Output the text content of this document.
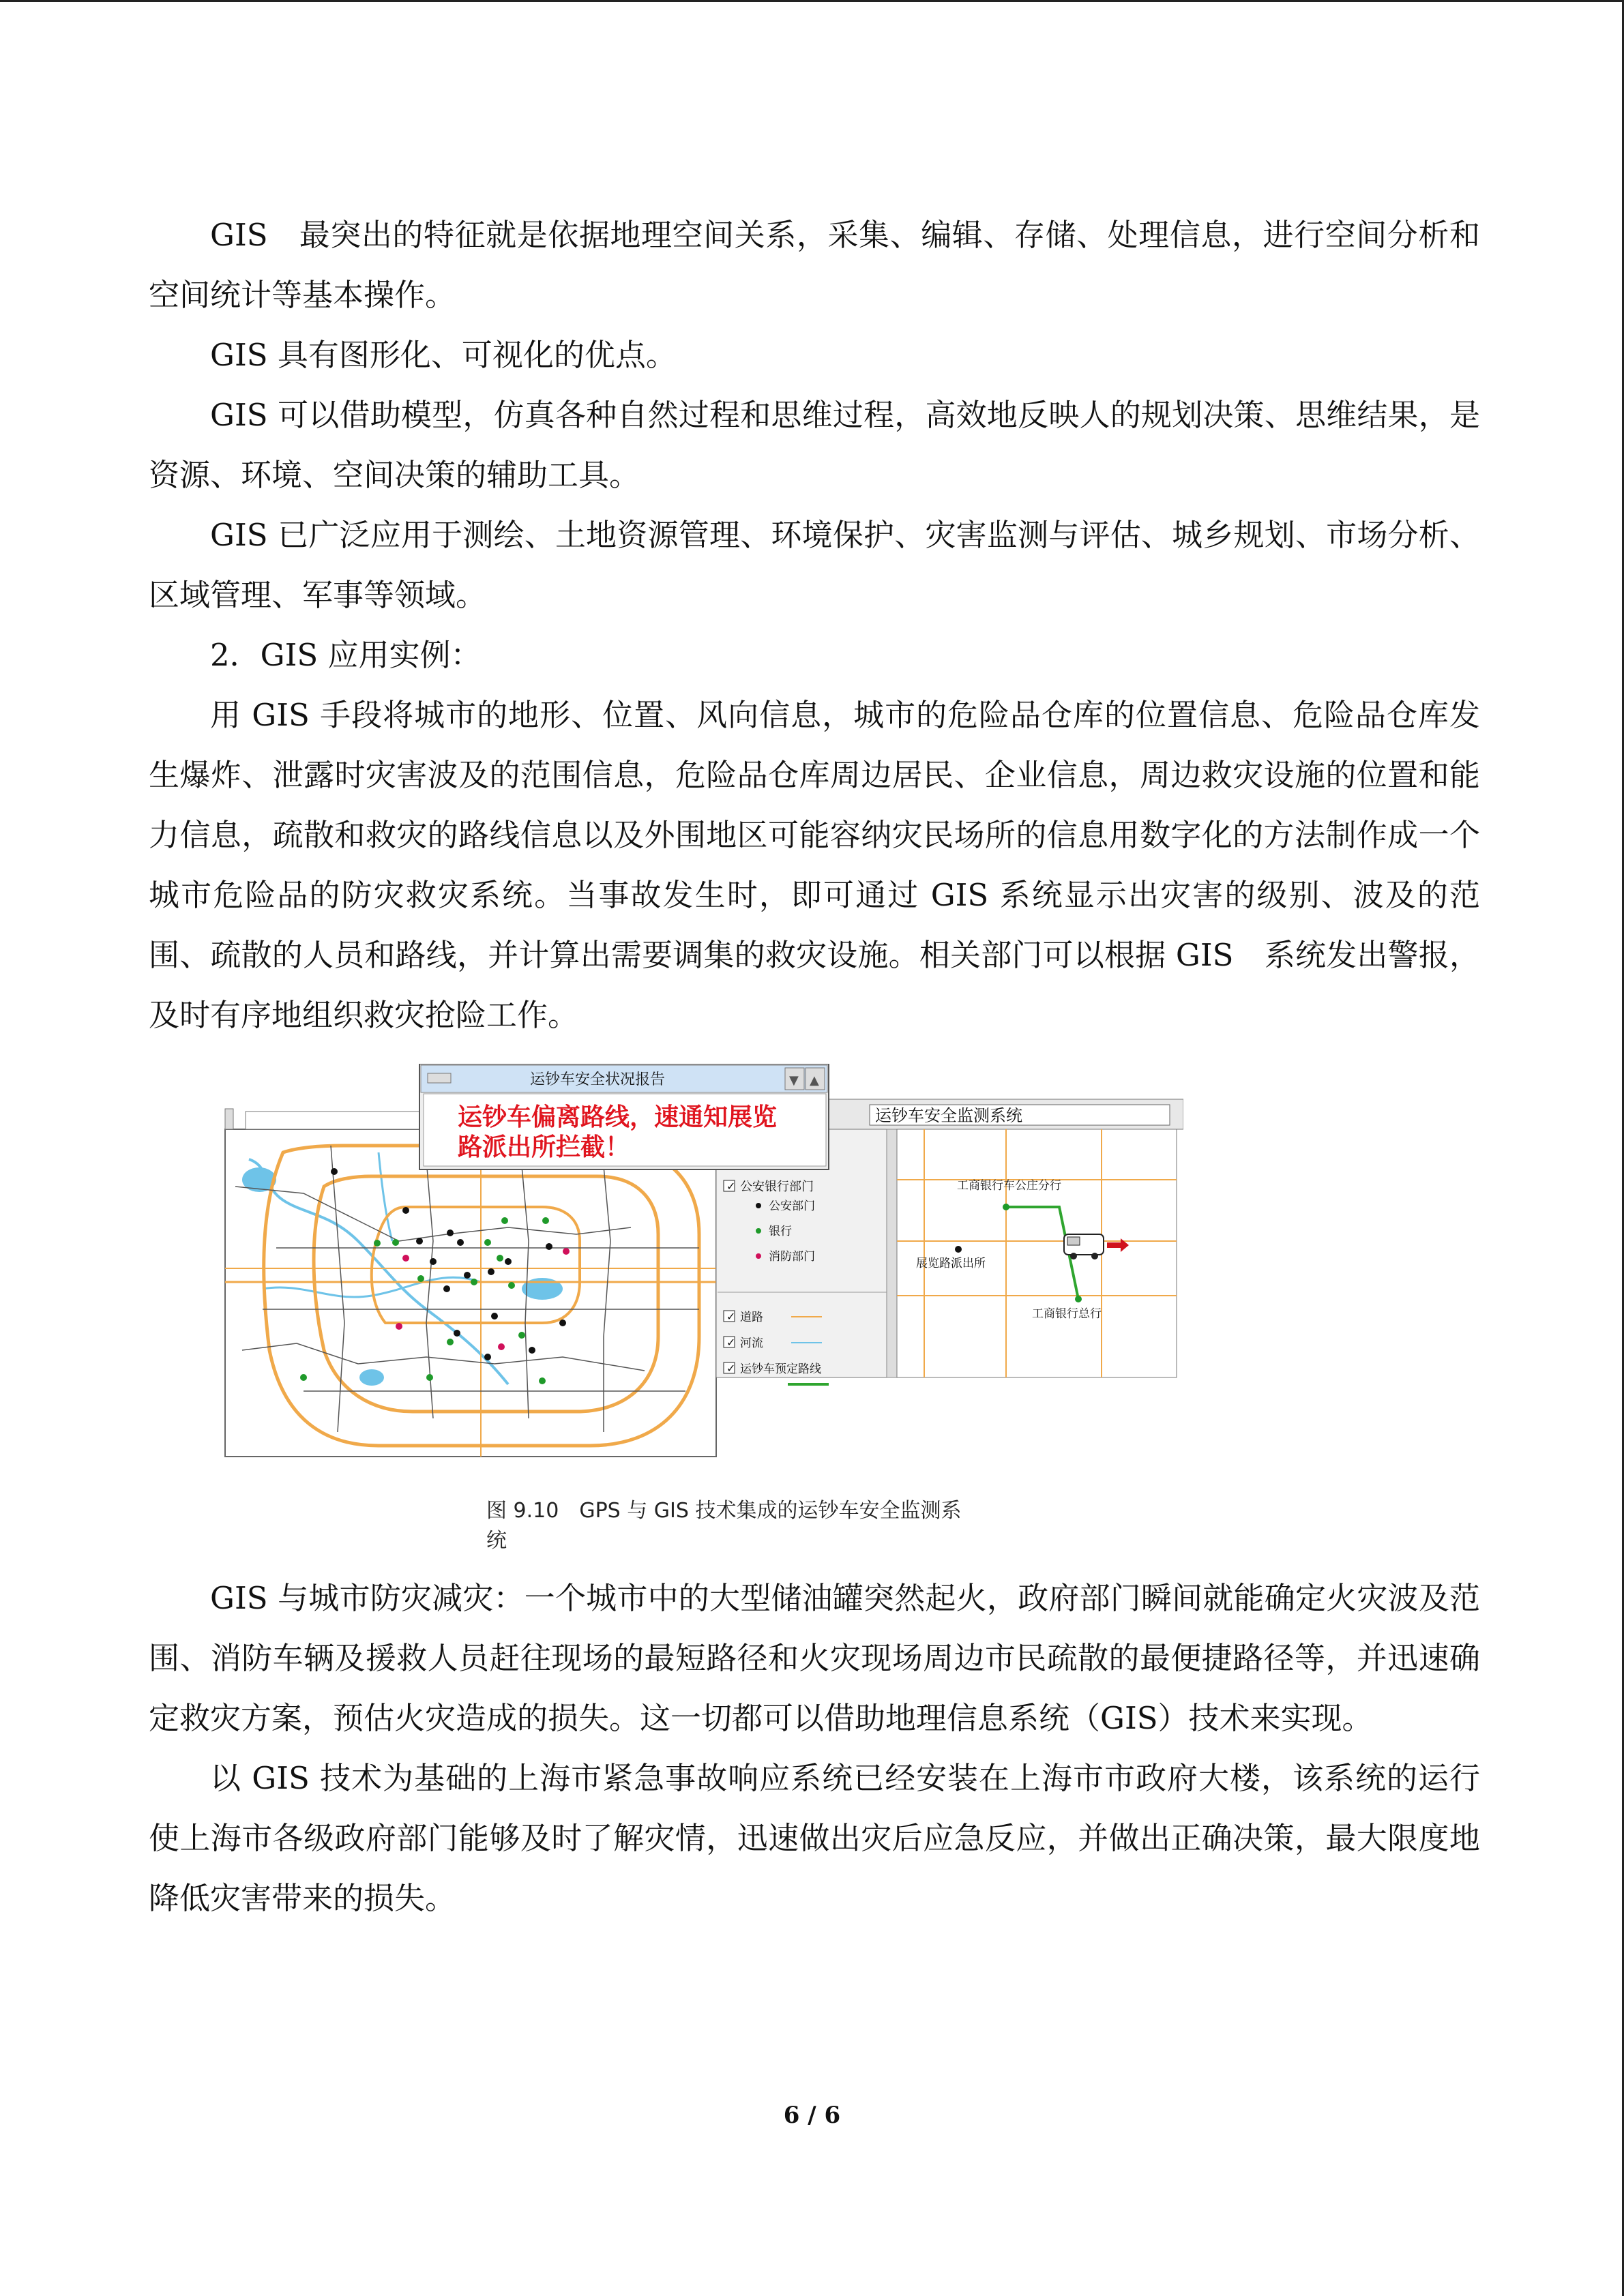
GIS　最突出的特征就是依据地理空间关系，采集、编辑、存储、处理信息，进行空间分析和空间统计等基本操作。

GIS 具有图形化、可视化的优点。

GIS 可以借助模型，仿真各种自然过程和思维过程，高效地反映人的规划决策、思维结果，是资源、环境、空间决策的辅助工具。

GIS 已广泛应用于测绘、土地资源管理、环境保护、灾害监测与评估、城乡规划、市场分析、区域管理、军事等领域。

2．GIS 应用实例：

用 GIS 手段将城市的地形、位置、风向信息，城市的危险品仓库的位置信息、危险品仓库发生爆炸、泄露时灾害波及的范围信息，危险品仓库周边居民、企业信息，周边救灾设施的位置和能力信息，疏散和救灾的路线信息以及外围地区可能容纳灾民场所的信息用数字化的方法制作成一个城市危险品的防灾救灾系统。当事故发生时，即可通过 GIS 系统显示出灾害的级别、波及的范围、疏散的人员和路线，并计算出需要调集的救灾设施。相关部门可以根据 GIS　系统发出警报，及时有序地组织救灾抢险工作。

运钞车安全监测系统
✓ 公安银行部门
公安部门
银行
消防部门
✓ 道路
✓ 河流
✓ 运钞车预定路线
工商银行车公庄分行
展览路派出所
工商银行总行
运钞车安全状况报告	▼ ▲
运钞车偏离路线，速通知展览
路派出所拦截！
图 9.10　GPS 与 GIS 技术集成的运钞车安全监测系统

GIS 与城市防灾减灾：一个城市中的大型储油罐突然起火，政府部门瞬间就能确定火灾波及范围、消防车辆及援救人员赶往现场的最短路径和火灾现场周边市民疏散的最便捷路径等，并迅速确定救灾方案，预估火灾造成的损失。这一切都可以借助地理信息系统（GIS）技术来实现。

以 GIS 技术为基础的上海市紧急事故响应系统已经安装在上海市市政府大楼，该系统的运行使上海市各级政府部门能够及时了解灾情，迅速做出灾后应急反应，并做出正确决策，最大限度地降低灾害带来的损失。

6 / 6
